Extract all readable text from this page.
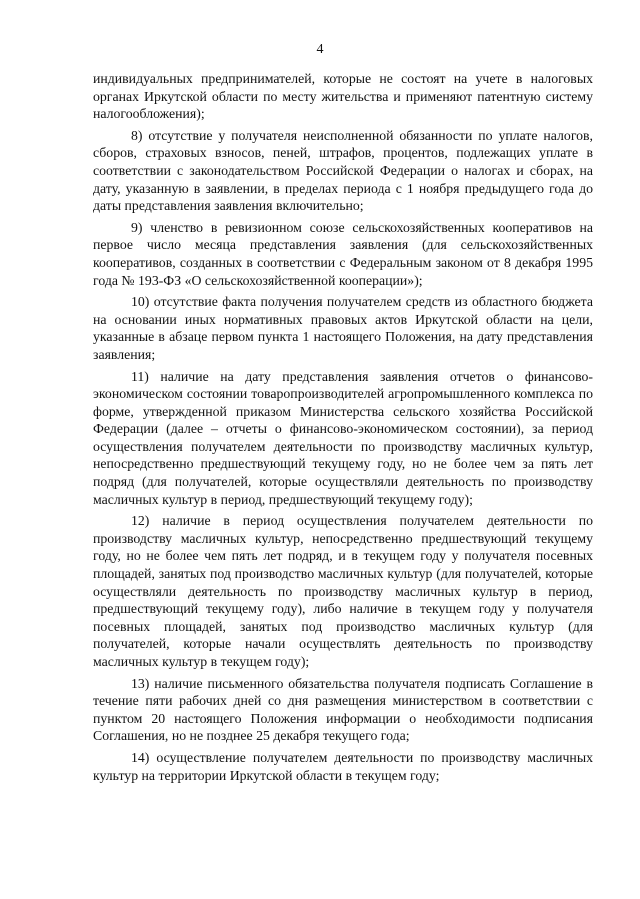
4

индивидуальных предпринимателей, которые не состоят на учете в налоговых органах Иркутской области по месту жительства и применяют патентную систему налогообложения);

8) отсутствие у получателя неисполненной обязанности по уплате налогов, сборов, страховых взносов, пеней, штрафов, процентов, подлежащих уплате в соответствии с законодательством Российской Федерации о налогах и сборах, на дату, указанную в заявлении, в пределах периода с 1 ноября предыдущего года до даты представления заявления включительно;

9) членство в ревизионном союзе сельскохозяйственных кооперативов на первое число месяца представления заявления (для сельскохозяйственных кооперативов, созданных в соответствии с Федеральным законом от 8 декабря 1995 года № 193-ФЗ «О сельскохозяйственной кооперации»);

10) отсутствие факта получения получателем средств из областного бюджета на основании иных нормативных правовых актов Иркутской области на цели, указанные в абзаце первом пункта 1 настоящего Положения, на дату представления заявления;

11) наличие на дату представления заявления отчетов о финансово-экономическом состоянии товаропроизводителей агропромышленного комплекса по форме, утвержденной приказом Министерства сельского хозяйства Российской Федерации (далее – отчеты о финансово-экономическом состоянии), за период осуществления получателем деятельности по производству масличных культур, непосредственно предшествующий текущему году, но не более чем за пять лет подряд (для получателей, которые осуществляли деятельность по производству масличных культур в период, предшествующий текущему году);

12) наличие в период осуществления получателем деятельности по производству масличных культур, непосредственно предшествующий текущему году, но не более чем пять лет подряд, и в текущем году у получателя посевных площадей, занятых под производство масличных культур (для получателей, которые осуществляли деятельность по производству масличных культур в период, предшествующий текущему году), либо наличие в текущем году у получателя посевных площадей, занятых под производство масличных культур (для получателей, которые начали осуществлять деятельность по производству масличных культур в текущем году);

13) наличие письменного обязательства получателя подписать Соглашение в течение пяти рабочих дней со дня размещения министерством в соответствии с пунктом 20 настоящего Положения информации о необходимости подписания Соглашения, но не позднее 25 декабря текущего года;

14) осуществление получателем деятельности по производству масличных культур на территории Иркутской области в текущем году;
